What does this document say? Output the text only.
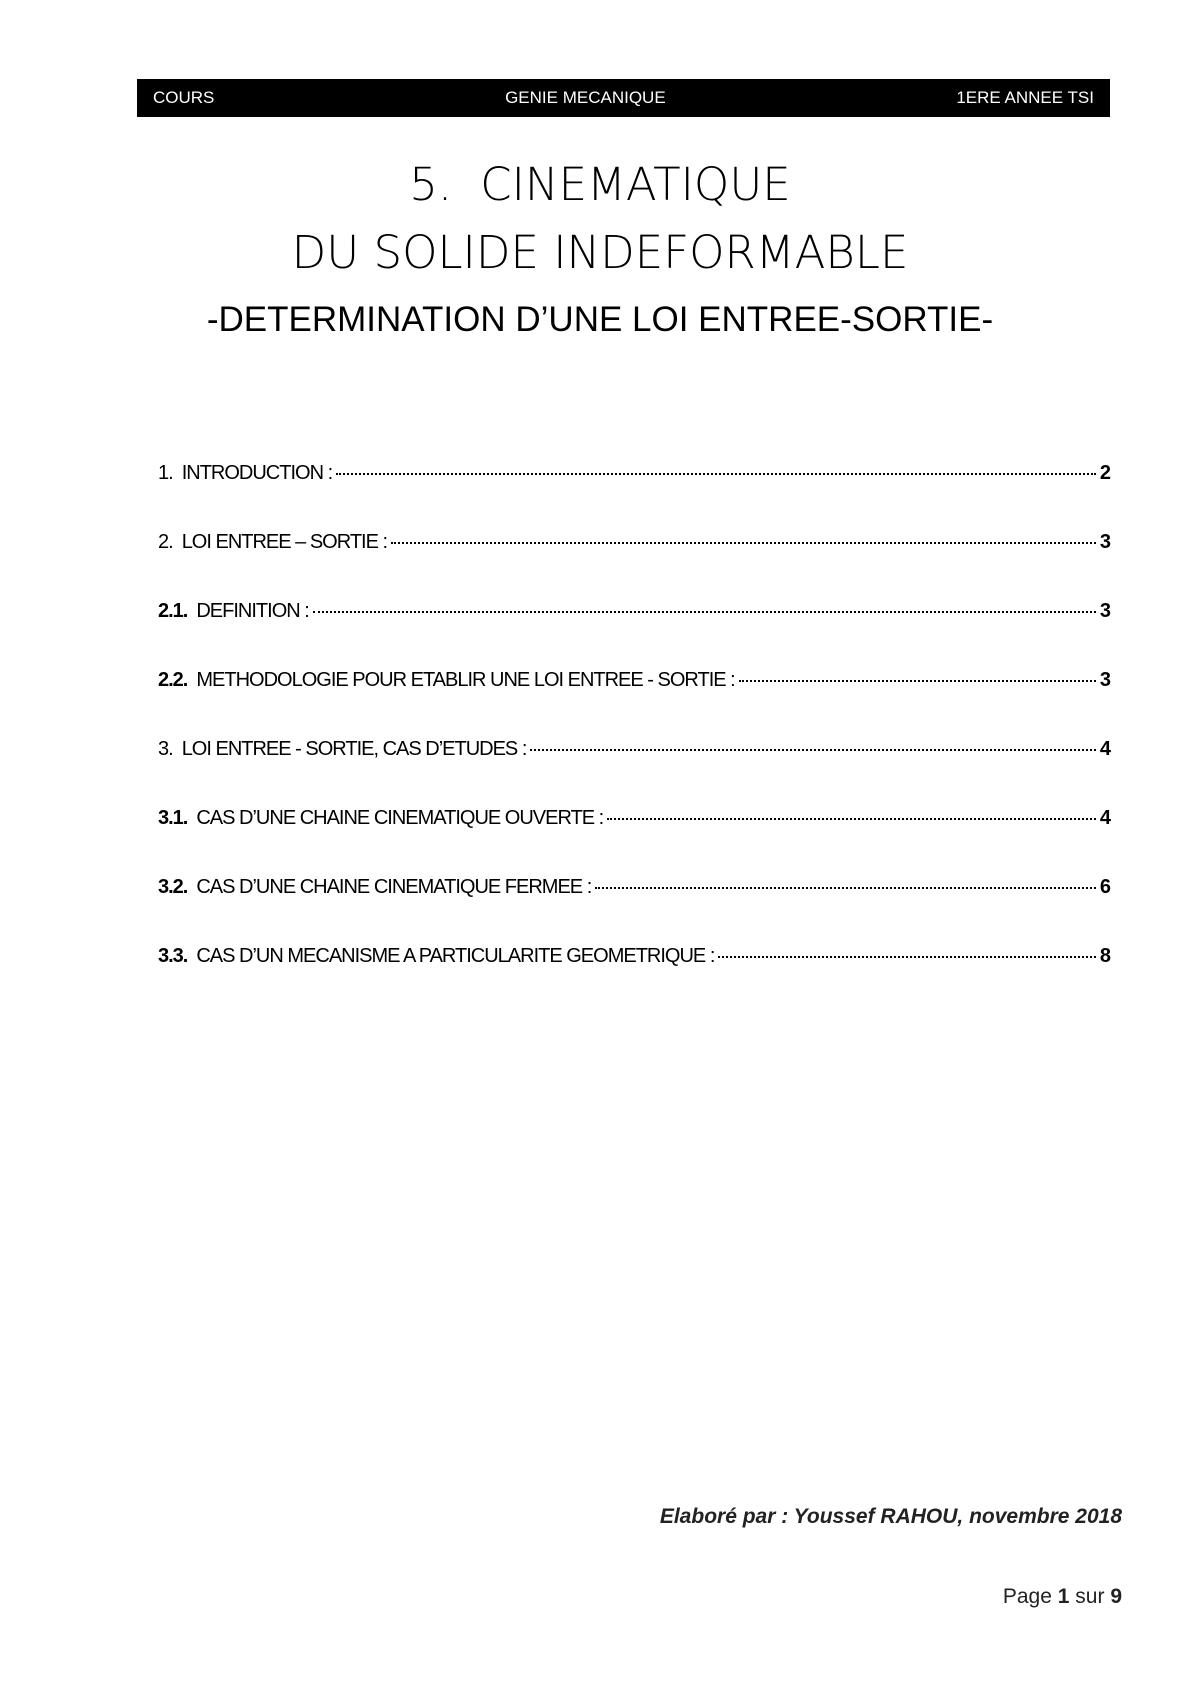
COURS	GENIE MECANIQUE	1ERE ANNEE TSI
5. CINEMATIQUE
DU SOLIDE INDEFORMABLE
-DETERMINATION D’UNE LOI ENTREE-SORTIE-
1. INTRODUCTION :	2
2. LOI ENTREE – SORTIE :	3
2.1. DEFINITION :	3
2.2. METHODOLOGIE POUR ETABLIR UNE LOI ENTREE - SORTIE :	3
3. LOI ENTREE - SORTIE, CAS D’ETUDES :	4
3.1. CAS D’UNE CHAINE CINEMATIQUE OUVERTE :	4
3.2. CAS D’UNE CHAINE CINEMATIQUE FERMEE :	6
3.3. CAS D’UN MECANISME A PARTICULARITE GEOMETRIQUE :	8
Elaboré par : Youssef RAHOU, novembre 2018
Page 1 sur 9
